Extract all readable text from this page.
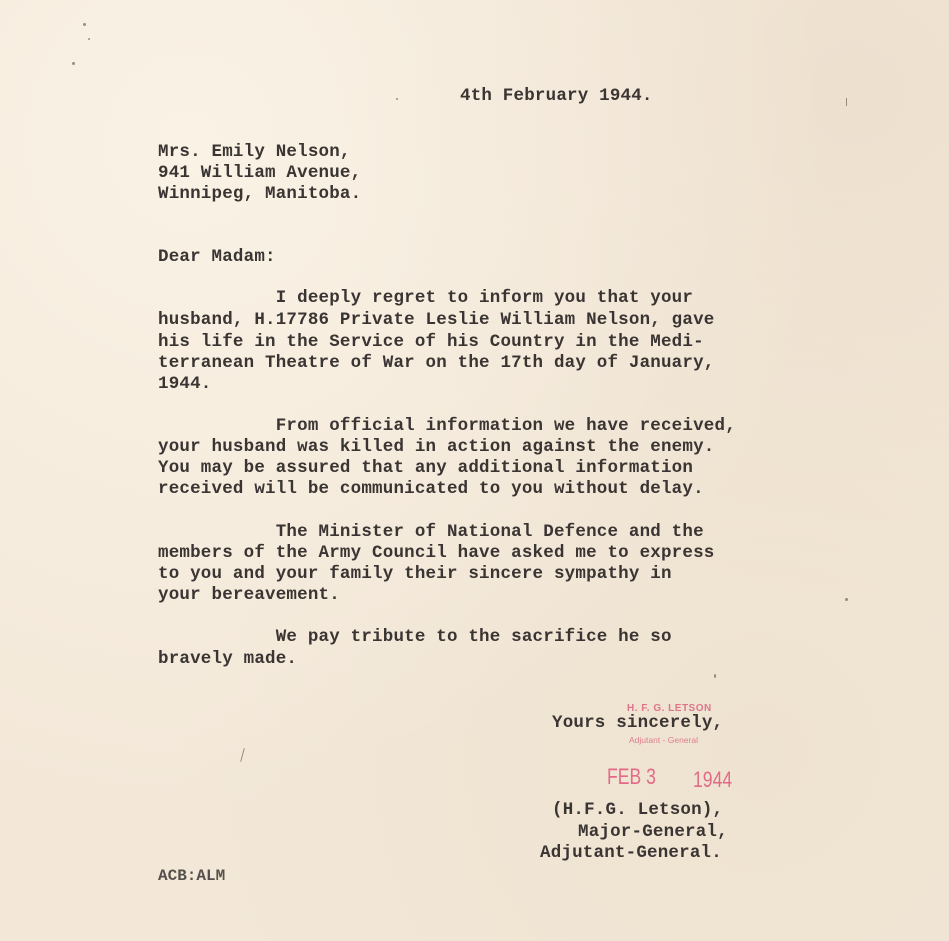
4th February 1944.

Mrs. Emily Nelson,

941 William Avenue,

Winnipeg, Manitoba.

Dear Madam:

I deeply regret to inform you that your

husband, H.17786 Private Leslie William Nelson, gave

his life in the Service of his Country in the Medi-

terranean Theatre of War on the 17th day of January,

1944.

From official information we have received,

your husband was killed in action against the enemy.

You may be assured that any additional information

received will be communicated to you without delay.

The Minister of National Defence and the

members of the Army Council have asked me to express

to you and your family their sincere sympathy in

your bereavement.

We pay tribute to the sacrifice he so

bravely made.

H. F. G. LETSON

Adjutant - General

Yours sincerely,

FEB 3 1944

(H.F.G. Letson),

Major-General,

Adjutant-General.

ACB:ALM
